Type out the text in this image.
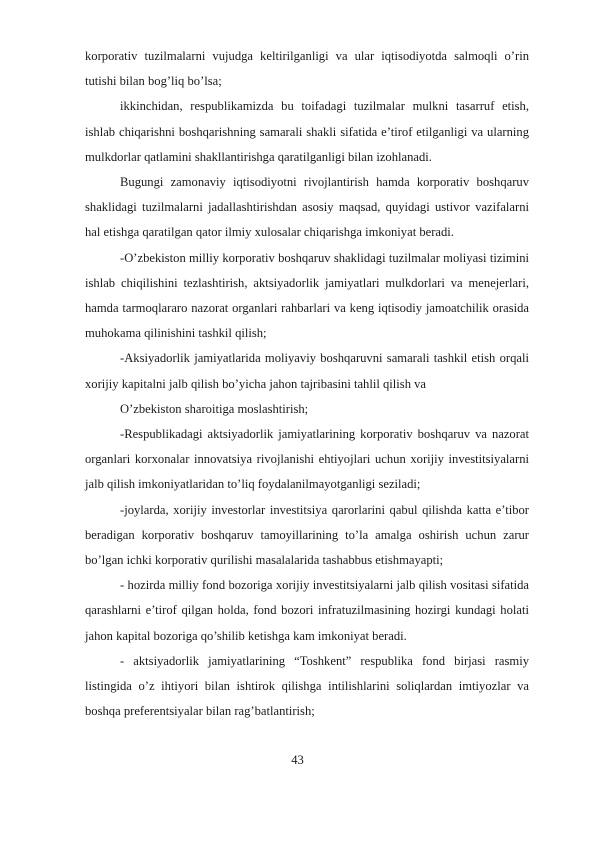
korporativ tuzilmalarni vujudga keltirilganligi va ular iqtisodiyotda salmoqli o’rin tutishi bilan bog’liq bo’lsa;

ikkinchidan, respublikamizda bu toifadagi tuzilmalar mulkni tasarruf etish, ishlab chiqarishni boshqarishning samarali shakli sifatida e’tirof etilganligi va ularning mulkdorlar qatlamini shakllantirishga qaratilganligi bilan izohlanadi.

Bugungi zamonaviy iqtisodiyotni rivojlantirish hamda korporativ boshqaruv shaklidagi tuzilmalarni jadallashtirishdan asosiy maqsad, quyidagi ustivor vazifalarni hal etishga qaratilgan qator ilmiy xulosalar chiqarishga imkoniyat beradi.

-O’zbekiston milliy korporativ boshqaruv shaklidagi tuzilmalar moliyasi tizimini ishlab chiqilishini tezlashtirish, aktsiyadorlik jamiyatlari mulkdorlari va menejerlari, hamda tarmoqlararo nazorat organlari rahbarlari va keng iqtisodiy jamoatchilik orasida muhokama qilinishini tashkil qilish;

-Aksiyadorlik jamiyatlarida moliyaviy boshqaruvni samarali tashkil etish orqali xorijiy kapitalni jalb qilish bo’yicha jahon tajribasini tahlil qilish va

O’zbekiston sharoitiga moslashtirish;

-Respublikadagi aktsiyadorlik jamiyatlarining korporativ boshqaruv va nazorat organlari korxonalar innovatsiya rivojlanishi ehtiyojlari uchun xorijiy investitsiyalarni jalb qilish imkoniyatlaridan to’liq foydalanilmayotganligi seziladi;

-joylarda, xorijiy investorlar investitsiya qarorlarini qabul qilishda katta e’tibor beradigan korporativ boshqaruv tamoyillarining to’la amalga oshirish uchun zarur bo’lgan ichki korporativ qurilishi masalalarida tashabbus etishmayapti;

- hozirda milliy fond bozoriga xorijiy investitsiyalarni jalb qilish vositasi sifatida qarashlarni e’tirof qilgan holda, fond bozori infratuzilmasining hozirgi kundagi holati jahon kapital bozoriga qo’shilib ketishga kam imkoniyat beradi.

- aktsiyadorlik jamiyatlarining “Toshkent” respublika fond birjasi rasmiy listingida o’z ihtiyori bilan ishtirok qilishga intilishlarini soliqlardan imtiyozlar va boshqa preferentsiyalar bilan rag’batlantirish;

43
